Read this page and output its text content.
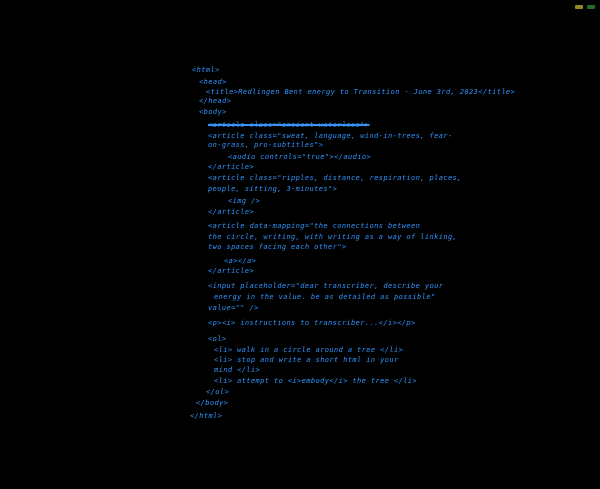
<html>
<head>
<title>Redlingen Bent energy to Transition - June 3rd, 2023</title>
</head>
<body>
<article class="ancient waterless">
<article class="sweat, language, wind-in-trees, fear-
on-grass, pro-subtitles">
<audio controls="true"></audio>
</article>
<article class="ripples, distance, respiration, places,
people, sitting, 3-minutes">
<img />
</article>
<article data-mapping="the connections between
the circle, writing, with writing as a way of linking,
two spaces facing each other">
<a></a>
</article>
<input placeholder="dear transcriber, describe your
energy in the value. be as detailed as possible"
value="" />
<p><i> instructions to transcriber...</i></p>
<ol>
<li> walk in a circle around a tree </li>
<li> stop and write a short html in your
mind </li>
<li> attempt to <i>embody</i> the tree </li>
</ol>
</body>
</html>
